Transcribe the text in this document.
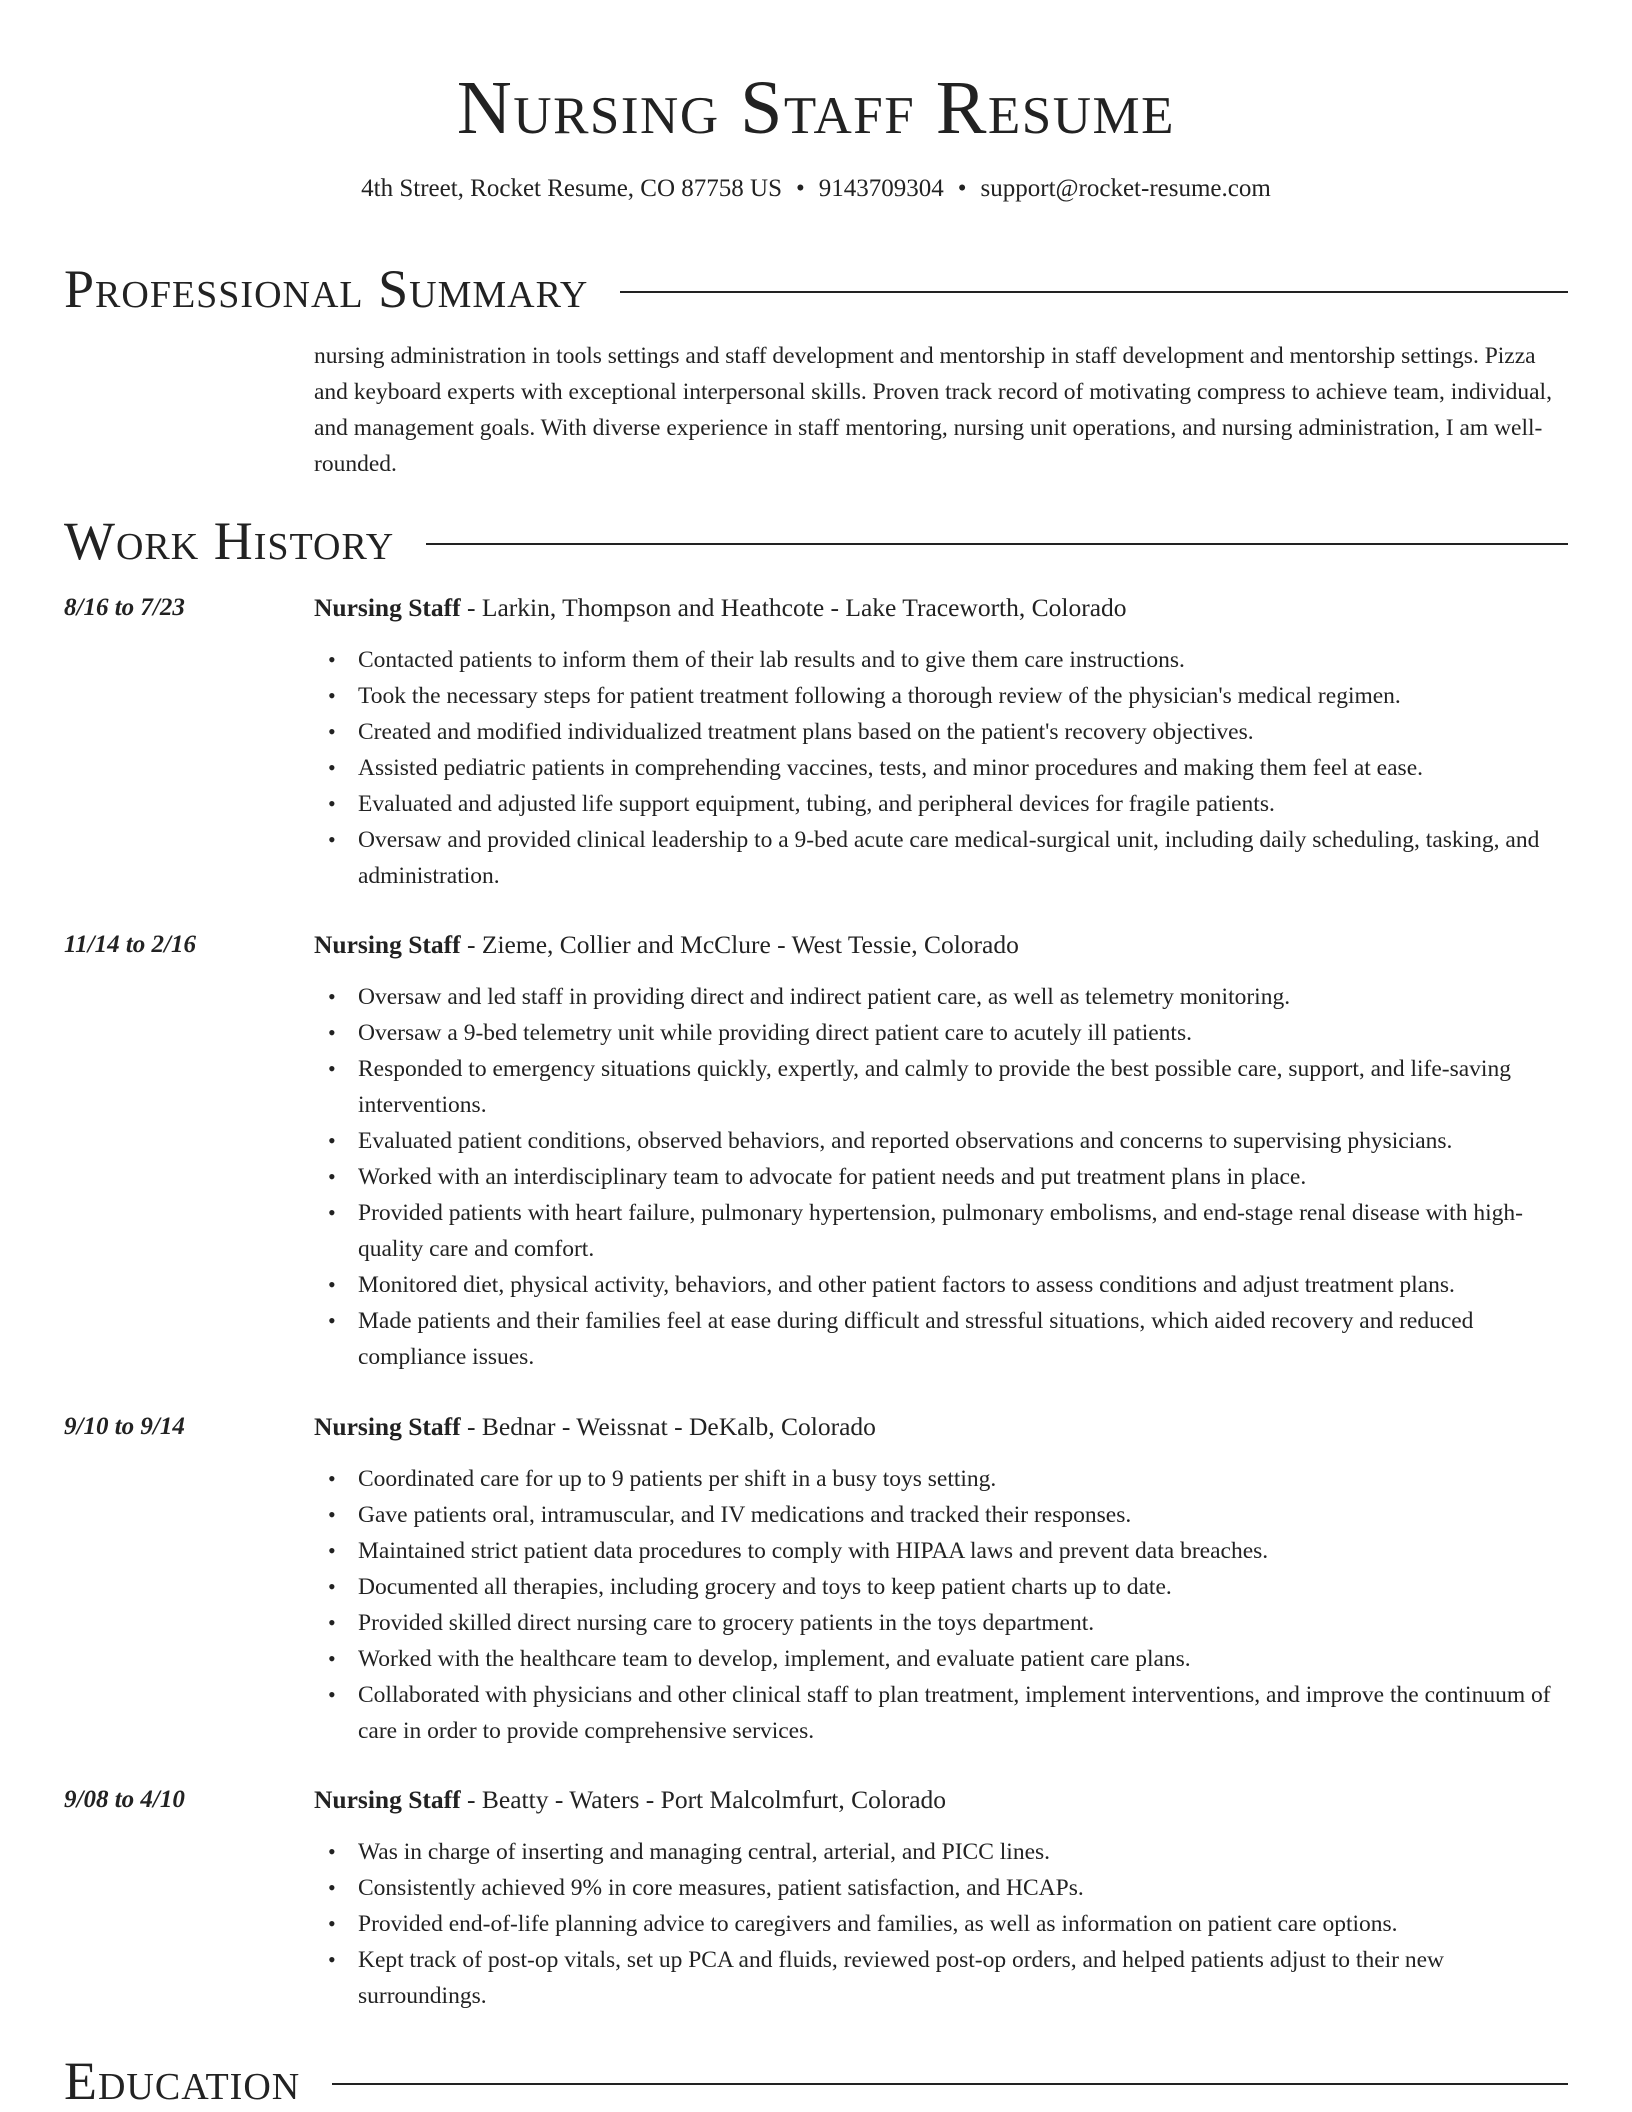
Nursing Staff Resume
4th Street, Rocket Resume, CO 87758 US • 9143709304 • support@rocket-resume.com
Professional Summary

nursing administration in tools settings and staff development and mentorship in staff development and mentorship settings. Pizza and keyboard experts with exceptional interpersonal skills. Proven track record of motivating compress to achieve team, individual, and management goals. With diverse experience in staff mentoring, nursing unit operations, and nursing administration, I am well-rounded.

Work History
8/16 to 7/23	Nursing Staff - Larkin, Thompson and Heathcote - Lake Traceworth, Colorado
• Contacted patients to inform them of their lab results and to give them care instructions.
• Took the necessary steps for patient treatment following a thorough review of the physician's medical regimen.
• Created and modified individualized treatment plans based on the patient's recovery objectives.
• Assisted pediatric patients in comprehending vaccines, tests, and minor procedures and making them feel at ease.
• Evaluated and adjusted life support equipment, tubing, and peripheral devices for fragile patients.
• Oversaw and provided clinical leadership to a 9-bed acute care medical-surgical unit, including daily scheduling, tasking, and administration.
11/14 to 2/16	Nursing Staff - Zieme, Collier and McClure - West Tessie, Colorado
• Oversaw and led staff in providing direct and indirect patient care, as well as telemetry monitoring.
• Oversaw a 9-bed telemetry unit while providing direct patient care to acutely ill patients.
• Responded to emergency situations quickly, expertly, and calmly to provide the best possible care, support, and life-saving interventions.
• Evaluated patient conditions, observed behaviors, and reported observations and concerns to supervising physicians.
• Worked with an interdisciplinary team to advocate for patient needs and put treatment plans in place.
• Provided patients with heart failure, pulmonary hypertension, pulmonary embolisms, and end-stage renal disease with high-quality care and comfort.
• Monitored diet, physical activity, behaviors, and other patient factors to assess conditions and adjust treatment plans.
• Made patients and their families feel at ease during difficult and stressful situations, which aided recovery and reduced compliance issues.
9/10 to 9/14	Nursing Staff - Bednar - Weissnat - DeKalb, Colorado
• Coordinated care for up to 9 patients per shift in a busy toys setting.
• Gave patients oral, intramuscular, and IV medications and tracked their responses.
• Maintained strict patient data procedures to comply with HIPAA laws and prevent data breaches.
• Documented all therapies, including grocery and toys to keep patient charts up to date.
• Provided skilled direct nursing care to grocery patients in the toys department.
• Worked with the healthcare team to develop, implement, and evaluate patient care plans.
• Collaborated with physicians and other clinical staff to plan treatment, implement interventions, and improve the continuum of care in order to provide comprehensive services.
9/08 to 4/10	Nursing Staff - Beatty - Waters - Port Malcolmfurt, Colorado
• Was in charge of inserting and managing central, arterial, and PICC lines.
• Consistently achieved 9% in core measures, patient satisfaction, and HCAPs.
• Provided end-of-life planning advice to caregivers and families, as well as information on patient care options.
• Kept track of post-op vitals, set up PCA and fluids, reviewed post-op orders, and helped patients adjust to their new surroundings.
Education
